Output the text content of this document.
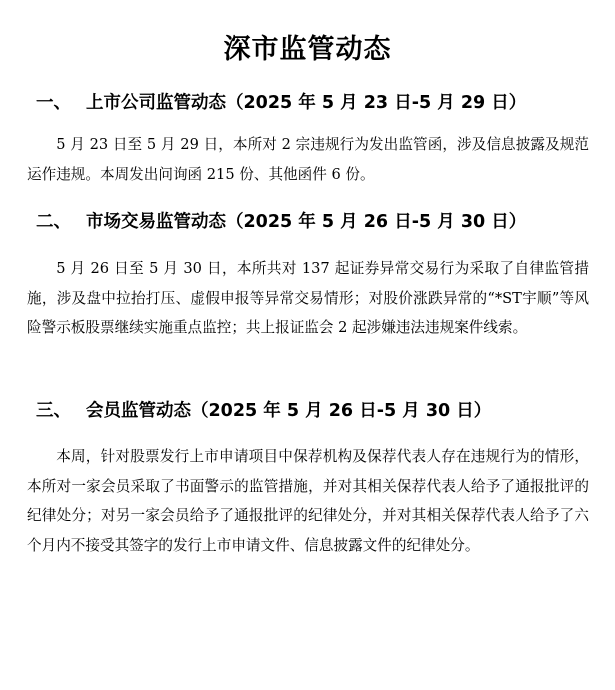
深市监管动态
一、 上市公司监管动态（2025 年 5 月 23 日-5 月 29 日）
5 月 23 日至 5 月 29 日，本所对 2 宗违规行为发出监管函，涉及信息披露及规范运作违规。本周发出问询函 215 份、其他函件 6 份。
二、 市场交易监管动态（2025 年 5 月 26 日-5 月 30 日）
5 月 26 日至 5 月 30 日，本所共对 137 起证券异常交易行为采取了自律监管措施，涉及盘中拉抬打压、虚假申报等异常交易情形；对股价涨跌异常的“*ST宇顺”等风险警示板股票继续实施重点监控；共上报证监会 2 起涉嫌违法违规案件线索。
三、 会员监管动态（2025 年 5 月 26 日-5 月 30 日）
本周，针对股票发行上市申请项目中保荐机构及保荐代表人存在违规行为的情形，本所对一家会员采取了书面警示的监管措施，并对其相关保荐代表人给予了通报批评的纪律处分；对另一家会员给予了通报批评的纪律处分，并对其相关保荐代表人给予了六个月内不接受其签字的发行上市申请文件、信息披露文件的纪律处分。
